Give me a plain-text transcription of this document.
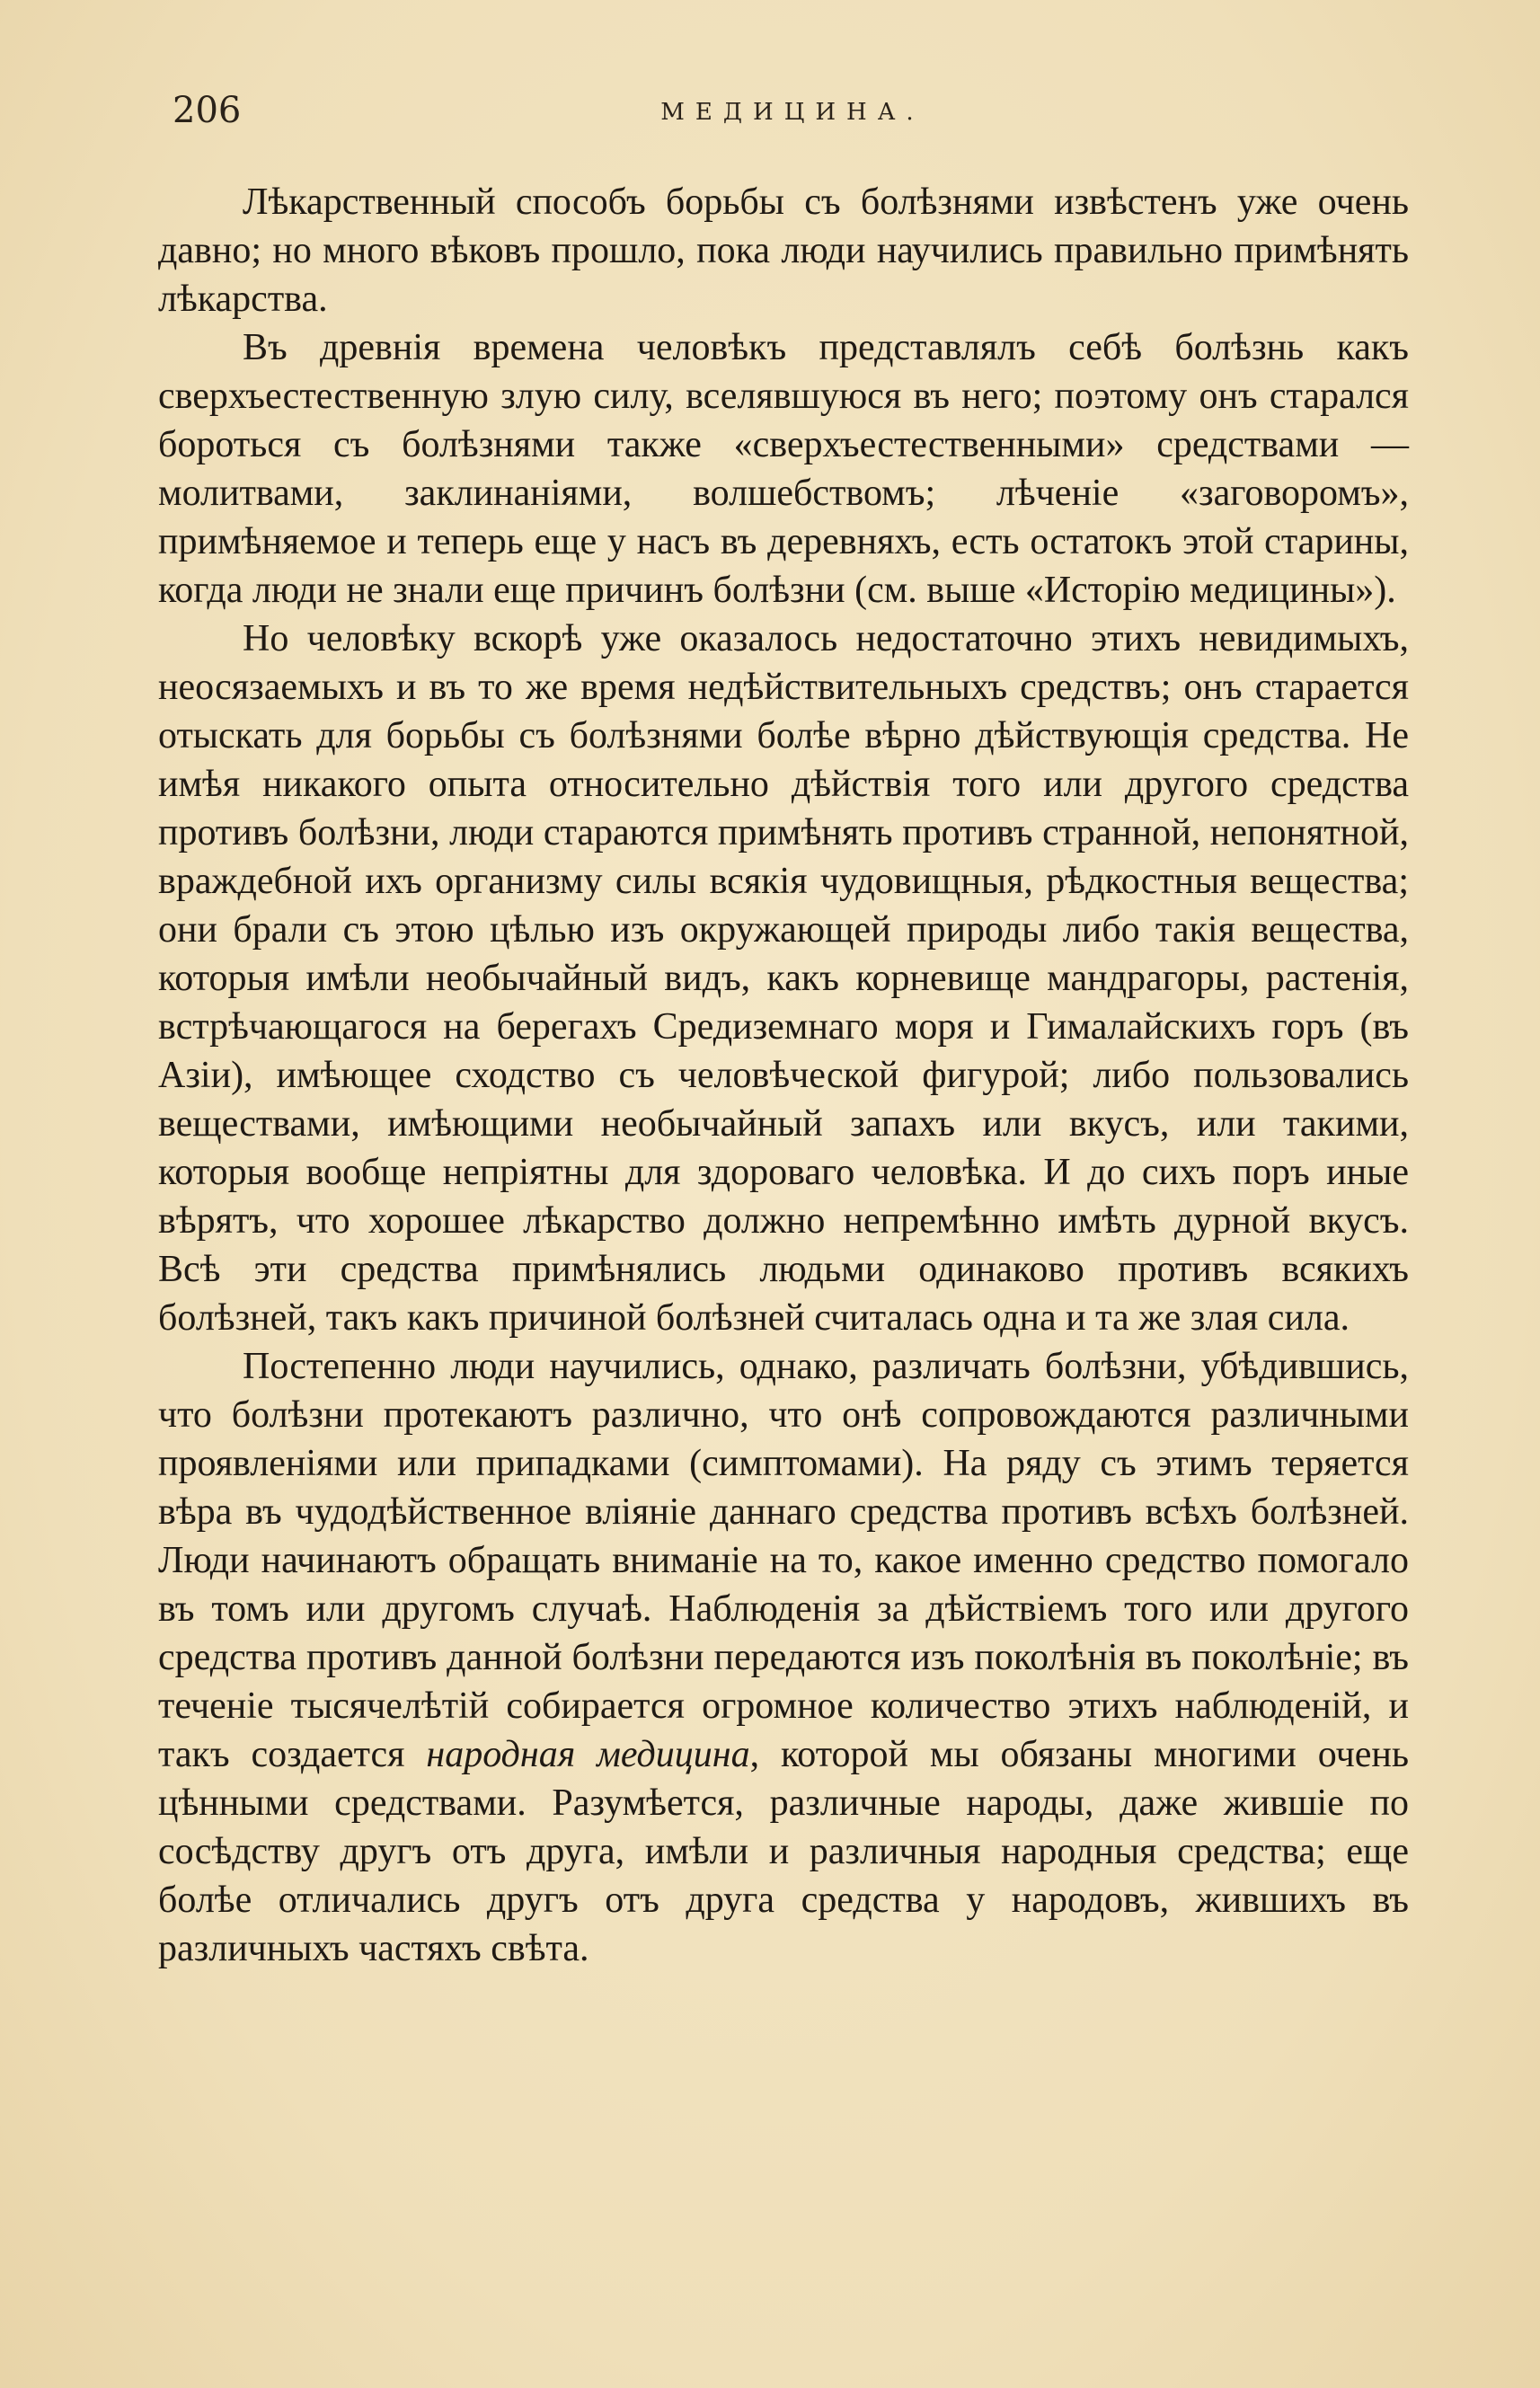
206	МЕДИЦИНА.

Лѣкарственный способъ борьбы съ болѣзнями извѣстенъ уже очень давно; но много вѣковъ прошло, пока люди научились правильно примѣнять лѣкарства.

Въ древнія времена человѣкъ представлялъ себѣ болѣзнь какъ сверхъестественную злую силу, вселявшуюся въ него; поэтому онъ старался бороться съ болѣзнями также «сверхъестественными» средствами — молитвами, заклинаніями, волшебствомъ; лѣченіе «заговоромъ», примѣняемое и теперь еще у насъ въ деревняхъ, есть остатокъ этой старины, когда люди не знали еще причинъ болѣзни (см. выше «Исторію медицины»).

Но человѣку вскорѣ уже оказалось недостаточно этихъ невидимыхъ, неосязаемыхъ и въ то же время недѣйствительныхъ средствъ; онъ старается отыскать для борьбы съ болѣзнями болѣе вѣрно дѣйствующія средства. Не имѣя никакого опыта относительно дѣйствія того или другого средства противъ болѣзни, люди стараются примѣнять противъ странной, непонятной, враждебной ихъ организму силы всякія чудовищныя, рѣдкостныя вещества; они брали съ этою цѣлью изъ окружающей природы либо такія вещества, которыя имѣли необычайный видъ, какъ корневище мандрагоры, растенія, встрѣчающагося на берегахъ Средиземнаго моря и Гималайскихъ горъ (въ Азіи), имѣющее сходство съ человѣческой фигурой; либо пользовались веществами, имѣющими необычайный запахъ или вкусъ, или такими, которыя вообще непріятны для здороваго человѣка. И до сихъ поръ иные вѣрятъ, что хорошее лѣкарство должно непремѣнно имѣть дурной вкусъ. Всѣ эти средства примѣнялись людьми одинаково противъ всякихъ болѣзней, такъ какъ причиной болѣзней считалась одна и та же злая сила.

Постепенно люди научились, однако, различать болѣзни, убѣдившись, что болѣзни протекаютъ различно, что онѣ сопровождаются различными проявленіями или припадками (симптомами). На ряду съ этимъ теряется вѣра въ чудодѣйственное вліяніе даннаго средства противъ всѣхъ болѣзней. Люди начинаютъ обращать вниманіе на то, какое именно средство помогало въ томъ или другомъ случаѣ. Наблюденія за дѣйствіемъ того или другого средства противъ данной болѣзни передаются изъ поколѣнія въ поколѣніе; въ теченіе тысячелѣтій собирается огромное количество этихъ наблюденій, и такъ создается народная медицина, которой мы обязаны многими очень цѣнными средствами. Разумѣется, различные народы, даже жившіе по сосѣдству другъ отъ друга, имѣли и различныя народныя средства; еще болѣе отличались другъ отъ друга средства у народовъ, жившихъ въ различныхъ частяхъ свѣта.
